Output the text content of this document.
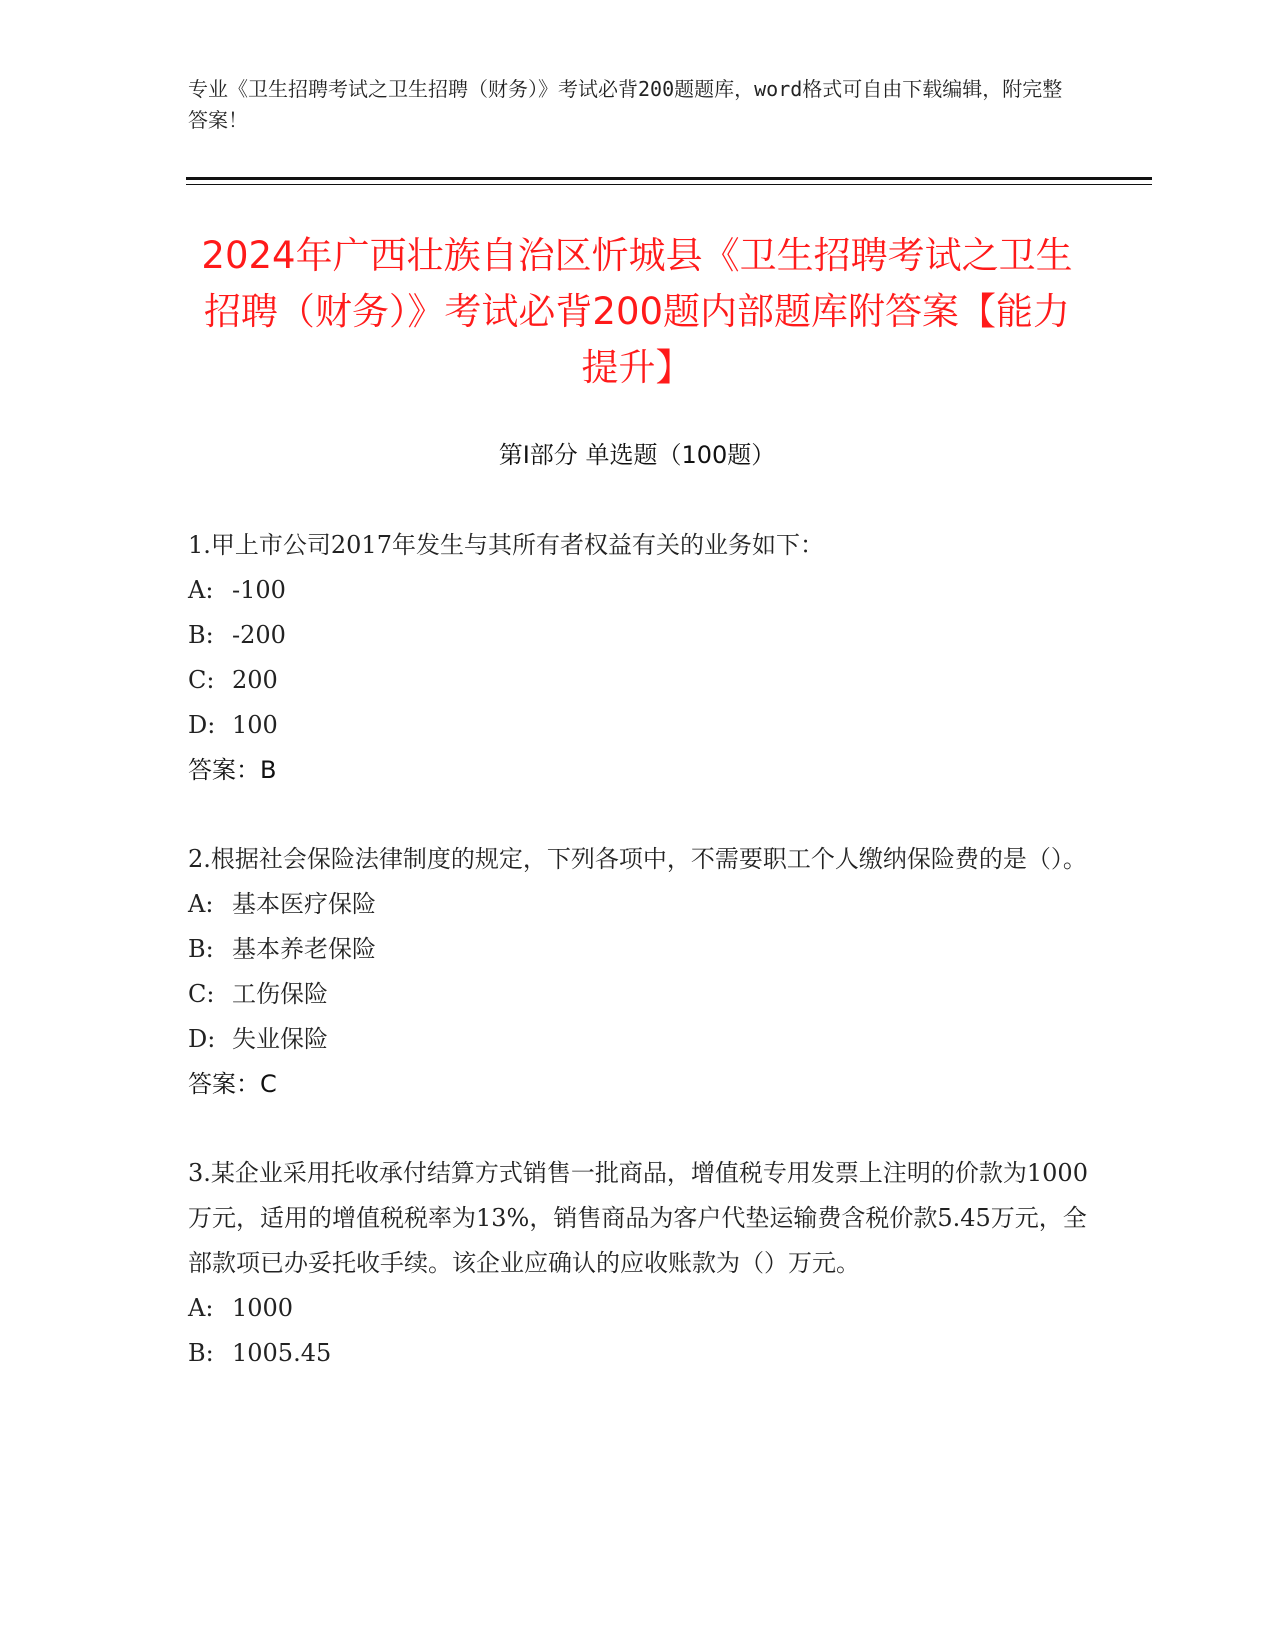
专业《卫生招聘考试之卫生招聘（财务）》考试必背200题题库，word格式可自由下载编辑，附完整答案！
2024年广西壮族自治区忻城县《卫生招聘考试之卫生招聘（财务）》考试必背200题内部题库附答案【能力提升】
第I部分 单选题（100题）

1.甲上市公司2017年发生与其所有者权益有关的业务如下：

A: -100

B: -200

C: 200

D: 100

答案：B

2.根据社会保险法律制度的规定，下列各项中，不需要职工个人缴纳保险费的是（）。

A: 基本医疗保险

B: 基本养老保险

C: 工伤保险

D: 失业保险

答案：C

3.某企业采用托收承付结算方式销售一批商品，增值税专用发票上注明的价款为1000万元，适用的增值税税率为13%，销售商品为客户代垫运输费含税价款5.45万元，全部款项已办妥托收手续。该企业应确认的应收账款为（）万元。

A: 1000

B: 1005.45
